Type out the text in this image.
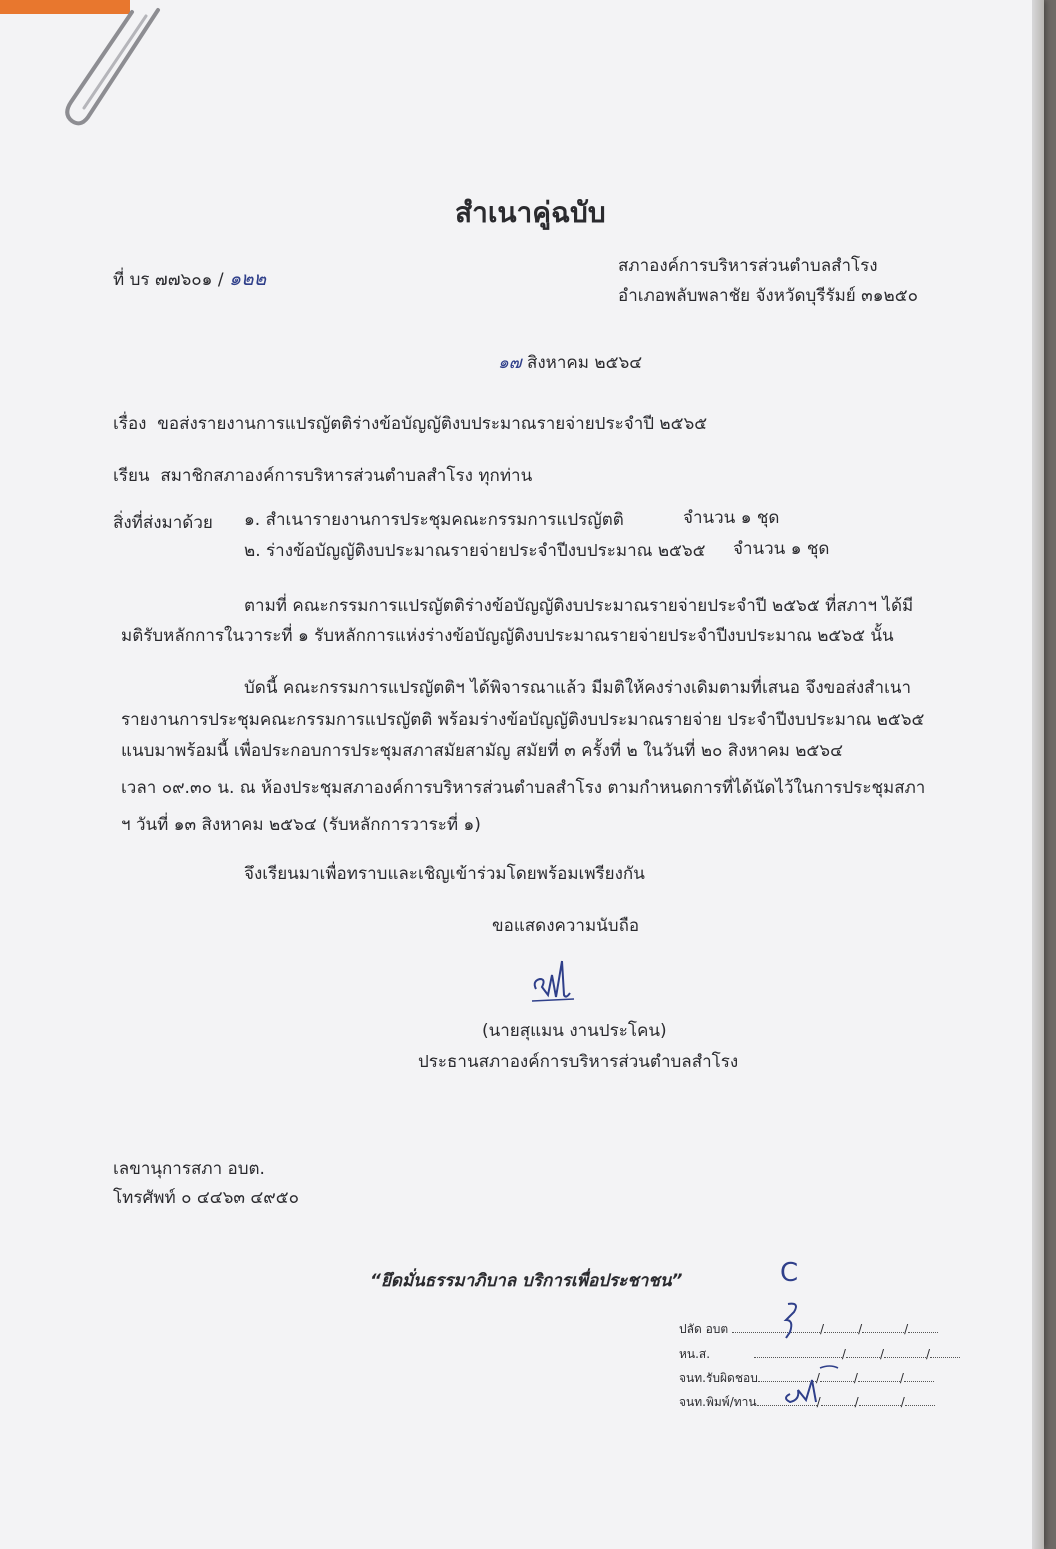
สำเนาคู่ฉบับ
ที่ บร ๗๗๖๐๑ / ๑๒๒
สภาองค์การบริหารส่วนตำบลสำโรง
อำเภอพลับพลาชัย จังหวัดบุรีรัมย์ ๓๑๒๕๐
๑๗ สิงหาคม ๒๕๖๔
เรื่อง ขอส่งรายงานการแปรญัตติร่างข้อบัญญัติงบประมาณรายจ่ายประจำปี ๒๕๖๕
เรียน สมาชิกสภาองค์การบริหารส่วนตำบลสำโรง ทุกท่าน
สิ่งที่ส่งมาด้วย ๑. สำเนารายงานการประชุมคณะกรรมการแปรญัตติ	จำนวน ๑ ชุด
๒. ร่างข้อบัญญัติงบประมาณรายจ่ายประจำปีงบประมาณ ๒๕๖๕ จำนวน ๑ ชุด
ตามที่ คณะกรรมการแปรญัตติร่างข้อบัญญัติงบประมาณรายจ่ายประจำปี ๒๕๖๕ ที่สภาฯ ได้มี
มติรับหลักการในวาระที่ ๑ รับหลักการแห่งร่างข้อบัญญัติงบประมาณรายจ่ายประจำปีงบประมาณ ๒๕๖๕ นั้น
บัดนี้ คณะกรรมการแปรญัตติฯ ได้พิจารณาแล้ว มีมติให้คงร่างเดิมตามที่เสนอ จึงขอส่งสำเนา
รายงานการประชุมคณะกรรมการแปรญัตติ พร้อมร่างข้อบัญญัติงบประมาณรายจ่าย ประจำปีงบประมาณ ๒๕๖๕
แนบมาพร้อมนี้ เพื่อประกอบการประชุมสภาสมัยสามัญ สมัยที่ ๓ ครั้งที่ ๒ ในวันที่ ๒๐ สิงหาคม ๒๕๖๔
เวลา ๐๙.๓๐ น. ณ ห้องประชุมสภาองค์การบริหารส่วนตำบลสำโรง ตามกำหนดการที่ได้นัดไว้ในการประชุมสภา
ฯ วันที่ ๑๓ สิงหาคม ๒๕๖๔ (รับหลักการวาระที่ ๑)
จึงเรียนมาเพื่อทราบและเชิญเข้าร่วมโดยพร้อมเพรียงกัน
ขอแสดงความนับถือ
(นายสุแมน งานประโคน)
ประธานสภาองค์การบริหารส่วนตำบลสำโรง
เลขานุการสภา อบต.
โทรศัพท์ ๐ ๔๔๖๓ ๔๙๕๐
“ยึดมั่นธรรมาภิบาล บริการเพื่อประชาชน”	C
ปลัด อบต	/	/	/
หน.ส.	/	/	/
จนท.รับผิดชอบ	/	/	/
จนท.พิมพ์/ทาน	/	/	/
